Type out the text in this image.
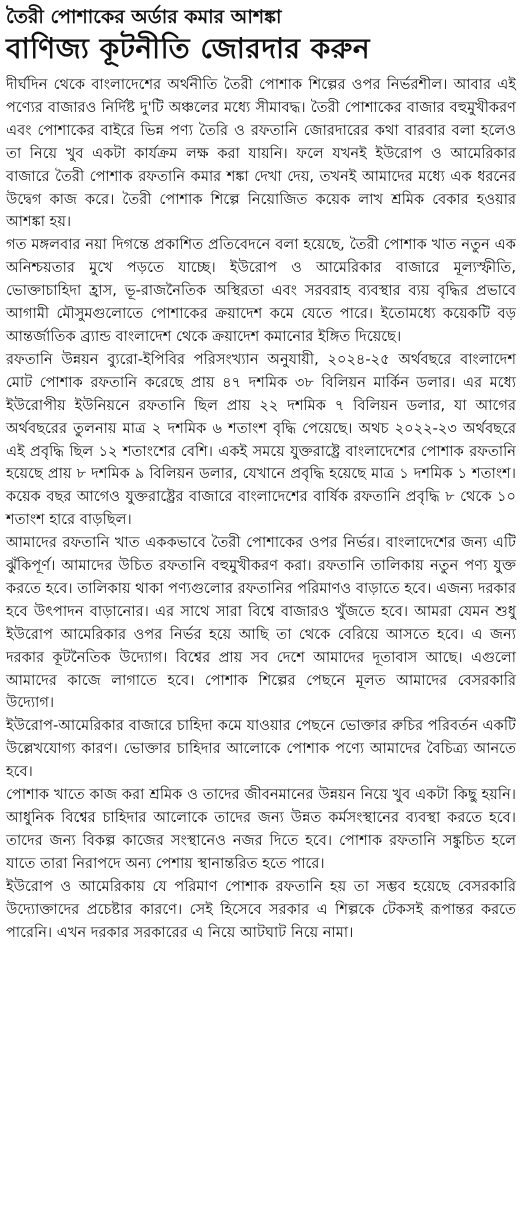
তৈরী পোশাকের অর্ডার কমার আশঙ্কা
বাণিজ্য কূটনীতি জোরদার করুন

দীর্ঘদিন থেকে বাংলাদেশের অর্থনীতি তৈরী পোশাক শিল্পের ওপর নির্ভরশীল। আবার এই পণ্যের বাজারও নির্দিষ্ট দু'টি অঞ্চলের মধ্যে সীমাবদ্ধ। তৈরী পোশাকের বাজার বহুমুখীকরণ এবং পোশাকের বাইরে ভিন্ন পণ্য তৈরি ও রফতানি জোরদারের কথা বারবার বলা হলেও তা নিয়ে খুব একটা কার্যক্রম লক্ষ করা যায়নি। ফলে যখনই ইউরোপ ও আমেরিকার বাজারে তৈরী পোশাক রফতানি কমার শঙ্কা দেখা দেয়, তখনই আমাদের মধ্যে এক ধরনের উদ্বেগ কাজ করে। তৈরী পোশাক শিল্পে নিয়োজিত কয়েক লাখ শ্রমিক বেকার হওয়ার আশঙ্কা হয়।

গত মঙ্গলবার নয়া দিগন্তে প্রকাশিত প্রতিবেদনে বলা হয়েছে, তৈরী পোশাক খাত নতুন এক অনিশ্চয়তার মুখে পড়তে যাচ্ছে। ইউরোপ ও আমেরিকার বাজারে মূল্যস্ফীতি, ভোক্তাচাহিদা হ্রাস, ভূ-রাজনৈতিক অস্থিরতা এবং সরবরাহ ব্যবস্থার ব্যয় বৃদ্ধির প্রভাবে আগামী মৌসুমগুলোতে পোশাকের ক্রয়াদেশ কমে যেতে পারে। ইতোমধ্যে কয়েকটি বড় আন্তর্জাতিক ব্র্যান্ড বাংলাদেশ থেকে ক্রয়াদেশ কমানোর ইঙ্গিত দিয়েছে।

রফতানি উন্নয়ন ব্যুরো-ইপিবির পরিসংখ্যান অনুযায়ী, ২০২৪-২৫ অর্থবছরে বাংলাদেশ মোট পোশাক রফতানি করেছে প্রায় ৪৭ দশমিক ৩৮ বিলিয়ন মার্কিন ডলার। এর মধ্যে ইউরোপীয় ইউনিয়নে রফতানি ছিল প্রায় ২২ দশমিক ৭ বিলিয়ন ডলার, যা আগের অর্থবছরের তুলনায় মাত্র ২ দশমিক ৬ শতাংশ বৃদ্ধি পেয়েছে। অথচ ২০২২-২৩ অর্থবছরে এই প্রবৃদ্ধি ছিল ১২ শতাংশের বেশি। একই সময়ে যুক্তরাষ্ট্রে বাংলাদেশের পোশাক রফতানি হয়েছে প্রায় ৮ দশমিক ৯ বিলিয়ন ডলার, যেখানে প্রবৃদ্ধি হয়েছে মাত্র ১ দশমিক ১ শতাংশ। কয়েক বছর আগেও যুক্তরাষ্ট্রের বাজারে বাংলাদেশের বার্ষিক রফতানি প্রবৃদ্ধি ৮ থেকে ১০ শতাংশ হারে বাড়ছিল।

আমাদের রফতানি খাত এককভাবে তৈরী পোশাকের ওপর নির্ভর। বাংলাদেশের জন্য এটি ঝুঁকিপূর্ণ। আমাদের উচিত রফতানি বহুমুখীকরণ করা। রফতানি তালিকায় নতুন পণ্য যুক্ত করতে হবে। তালিকায় থাকা পণ্যগুলোর রফতানির পরিমাণও বাড়াতে হবে। এজন্য দরকার হবে উৎপাদন বাড়ানোর। এর সাথে সারা বিশ্বে বাজারও খুঁজতে হবে। আমরা যেমন শুধু ইউরোপ আমেরিকার ওপর নির্ভর হয়ে আছি তা থেকে বেরিয়ে আসতে হবে। এ জন্য দরকার কূটনৈতিক উদ্যোগ। বিশ্বের প্রায় সব দেশে আমাদের দূতাবাস আছে। এগুলো আমাদের কাজে লাগাতে হবে। পোশাক শিল্পের পেছনে মূলত আমাদের বেসরকারি উদ্যোগ।

ইউরোপ-আমেরিকার বাজারে চাহিদা কমে যাওয়ার পেছনে ভোক্তার রুচির পরিবর্তন একটি উল্লেখযোগ্য কারণ। ভোক্তার চাহিদার আলোকে পোশাক পণ্যে আমাদের বৈচিত্র্য আনতে হবে।

পোশাক খাতে কাজ করা শ্রমিক ও তাদের জীবনমানের উন্নয়ন নিয়ে খুব একটা কিছু হয়নি। আধুনিক বিশ্বের চাহিদার আলোকে তাদের জন্য উন্নত কর্মসংস্থানের ব্যবস্থা করতে হবে। তাদের জন্য বিকল্প কাজের সংস্থানেও নজর দিতে হবে। পোশাক রফতানি সঙ্কুচিত হলে যাতে তারা নিরাপদে অন্য পেশায় স্থানান্তরিত হতে পারে।

ইউরোপ ও আমেরিকায় যে পরিমাণ পোশাক রফতানি হয় তা সম্ভব হয়েছে বেসরকারি উদ্যোক্তাদের প্রচেষ্টার কারণে। সেই হিসেবে সরকার এ শিল্পকে টেকসই রূপান্তর করতে পারেনি। এখন দরকার সরকারের এ নিয়ে আটঘাট নিয়ে নামা।
